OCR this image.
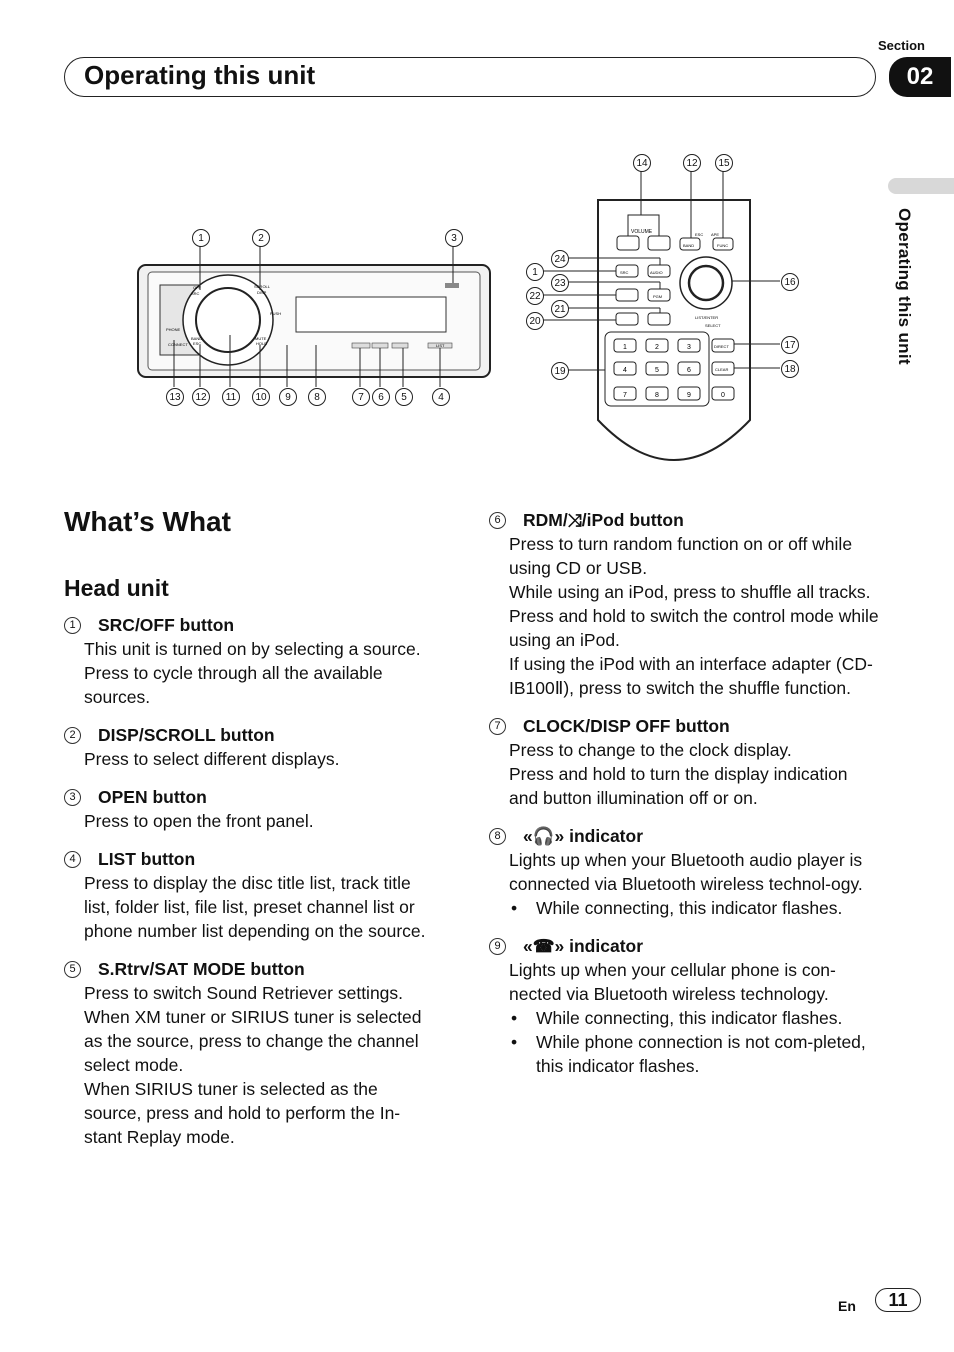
Section
Operating this unit	02
Operating this unit
OFF
SRC
SCROLL
DISP
PUSH
PHONE
CONNECT
BAND
ESC
MUTE
HOLD	LIST
VOLUME	ESC APE
BAND	FUNC
SRC	AUDIO
PGM
LIST/ENTER
SELECT
1	2	3
4	5	6
7	8	9	0
DIRECT
CLEAR
1	2	3
13	12	11	10	9	8	7	6	5	4
14	12	15
24
1
23
22
21
20
19
16
17
18
What’s What
Head unit
1	SRC/OFF button

This unit is turned on by selecting a source. Press to cycle through all the available sources.

2	DISP/SCROLL button

Press to select different displays.

3	OPEN button

Press to open the front panel.

4	LIST button

Press to display the disc title list, track title list, folder list, file list, preset channel list or phone number list depending on the source.

5	S.Rtrv/SAT MODE button

Press to switch Sound Retriever settings.

When XM tuner or SIRIUS tuner is selected as the source, press to change the channel select mode.

When SIRIUS tuner is selected as the source, press and hold to perform the In-stant Replay mode.

6	RDM/⤨/iPod button

Press to turn random function on or off while using CD or USB.

While using an iPod, press to shuffle all tracks.

Press and hold to switch the control mode while using an iPod.

If using the iPod with an interface adapter (CD-IB100Ⅱ), press to switch the shuffle function.

7	CLOCK/DISP OFF button

Press to change to the clock display.

Press and hold to turn the display indication and button illumination off or on.

8	«🎧» indicator

Lights up when your Bluetooth audio player is connected via Bluetooth wireless technol-ogy.

•	While connecting, this indicator flashes.
9	«☎» indicator

Lights up when your cellular phone is con-nected via Bluetooth wireless technology.

•	While connecting, this indicator flashes.
•	While phone connection is not com-pleted, this indicator flashes.
En	11
